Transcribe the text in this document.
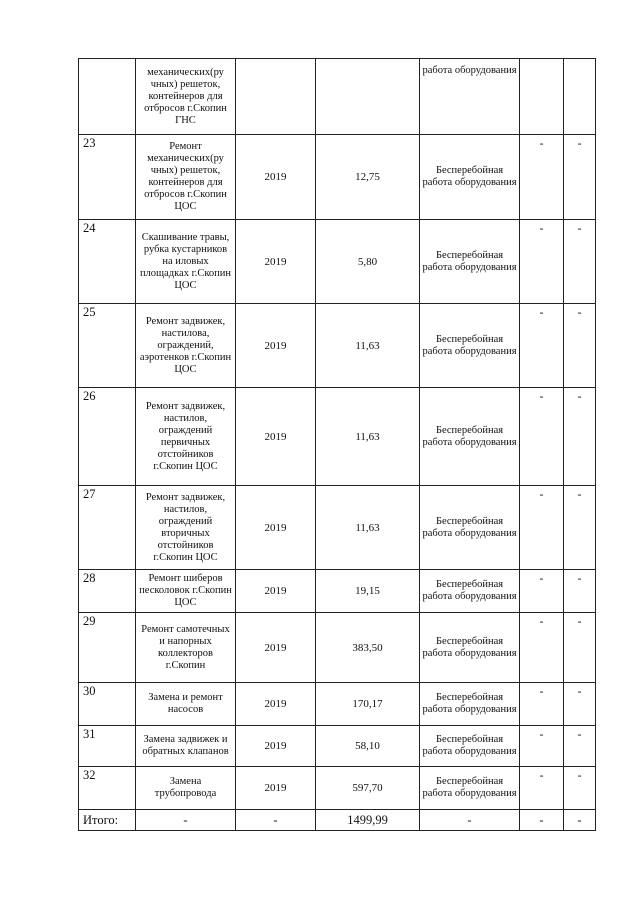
	механических(ру чных) решеток, контейнеров для отбросов г.Скопин ГНС			работа оборудования		
23	Ремонт механических(ру чных) решеток, контейнеров для отбросов г.Скопин ЦОС	2019	12,75	Бесперебойная работа оборудования	-	-
24	Скашивание травы, рубка кустарников на иловых площадках г.Скопин ЦОС	2019	5,80	Бесперебойная работа оборудования	-	-
25	Ремонт задвижек, настилова, ограждений, аэротенков г.Скопин ЦОС	2019	11,63	Бесперебойная работа оборудования	-	-
26	Ремонт задвижек, настилов, ограждений первичных отстойников г.Скопин ЦОС	2019	11,63	Бесперебойная работа оборудования	-	-
27	Ремонт задвижек, настилов, ограждений вторичных отстойников г.Скопин ЦОС	2019	11,63	Бесперебойная работа оборудования	-	-
28	Ремонт шиберов песколовок г.Скопин ЦОС	2019	19,15	Бесперебойная работа оборудования	-	-
29	Ремонт самотечных и напорных коллекторов г.Скопин	2019	383,50	Бесперебойная работа оборудования	-	-
30	Замена и ремонт насосов	2019	170,17	Бесперебойная работа оборудования	-	-
31	Замена задвижек и обратных клапанов	2019	58,10	Бесперебойная работа оборудования	-	-
32	Замена трубопровода	2019	597,70	Бесперебойная работа оборудования	-	-
Итого:	-	-	1499,99	-	-	-
